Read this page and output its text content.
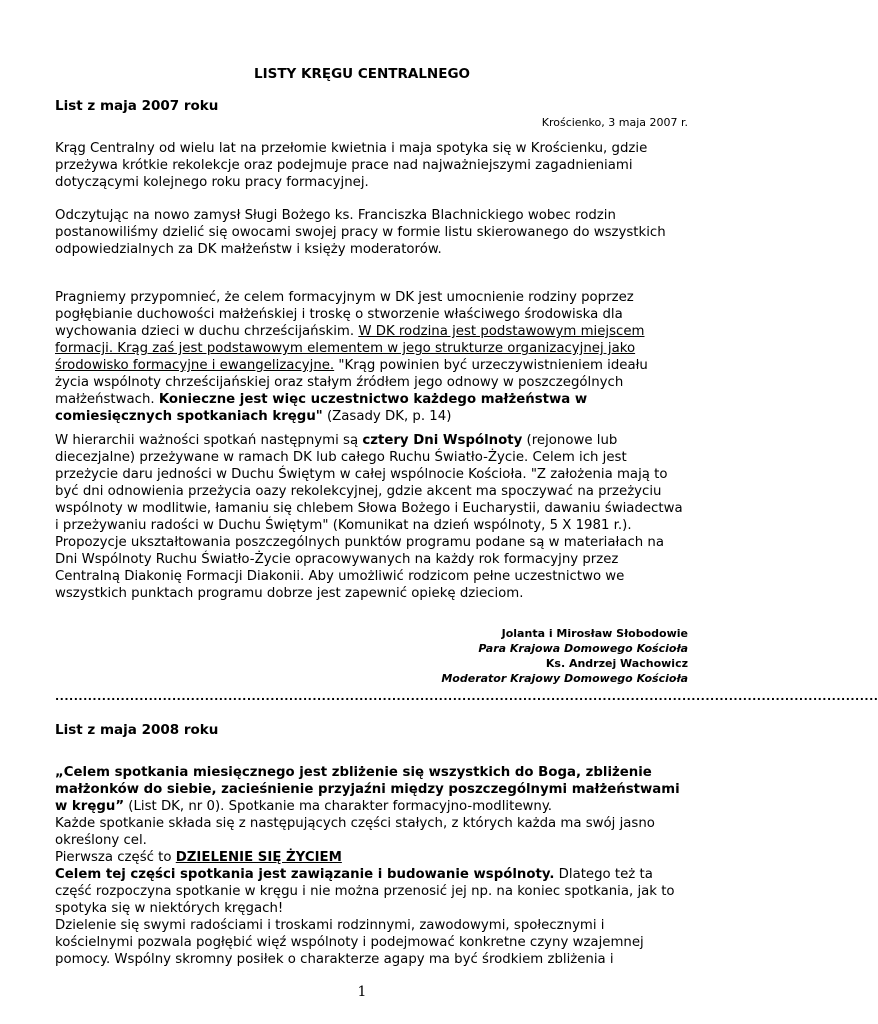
LISTY KRĘGU CENTRALNEGO
List z maja 2007 roku
Krościenko, 3 maja 2007 r.
Krąg Centralny od wielu lat na przełomie kwietnia i maja spotyka się w Krościenku, gdzie
przeżywa krótkie rekolekcje oraz podejmuje prace nad najważniejszymi zagadnieniami
dotyczącymi kolejnego roku pracy formacyjnej.
Odczytując na nowo zamysł Sługi Bożego ks. Franciszka Blachnickiego wobec rodzin
postanowiliśmy dzielić się owocami swojej pracy w formie listu skierowanego do wszystkich
odpowiedzialnych za DK małżeństw i księży moderatorów.
Pragniemy przypomnieć, że celem formacyjnym w DK jest umocnienie rodziny poprzez
pogłębianie duchowości małżeńskiej i troskę o stworzenie właściwego środowiska dla
wychowania dzieci w duchu chrześcijańskim. W DK rodzina jest podstawowym miejscem
formacji. Krąg zaś jest podstawowym elementem w jego strukturze organizacyjnej jako
środowisko formacyjne i ewangelizacyjne. "Krąg powinien być urzeczywistnieniem ideału
życia wspólnoty chrześcijańskiej oraz stałym źródłem jego odnowy w poszczególnych
małżeństwach. Konieczne jest więc uczestnictwo każdego małżeństwa w
comiesięcznych spotkaniach kręgu" (Zasady DK, p. 14)
W hierarchii ważności spotkań następnymi są cztery Dni Wspólnoty (rejonowe lub
diecezjalne) przeżywane w ramach DK lub całego Ruchu Światło-Życie. Celem ich jest
przeżycie daru jedności w Duchu Świętym w całej wspólnocie Kościoła. "Z założenia mają to
być dni odnowienia przeżycia oazy rekolekcyjnej, gdzie akcent ma spoczywać na przeżyciu
wspólnoty w modlitwie, łamaniu się chlebem Słowa Bożego i Eucharystii, dawaniu świadectwa
i przeżywaniu radości w Duchu Świętym" (Komunikat na dzień wspólnoty, 5 X 1981 r.).
Propozycje ukształtowania poszczególnych punktów programu podane są w materiałach na
Dni Wspólnoty Ruchu Światło-Życie opracowywanych na każdy rok formacyjny przez
Centralną Diakonię Formacji Diakonii. Aby umożliwić rodzicom pełne uczestnictwo we
wszystkich punktach programu dobrze jest zapewnić opiekę dzieciom.
Jolanta i Mirosław Słobodowie
Para Krajowa Domowego Kościoła
Ks. Andrzej Wachowicz
Moderator Krajowy Domowego Kościoła
................................................................................................................................................................................
List z maja 2008 roku
„Celem spotkania miesięcznego jest zbliżenie się wszystkich do Boga, zbliżenie
małżonków do siebie, zacieśnienie przyjaźni między poszczególnymi małżeństwami
w kręgu” (List DK, nr 0). Spotkanie ma charakter formacyjno-modlitewny.
Każde spotkanie składa się z następujących części stałych, z których każda ma swój jasno
określony cel.
Pierwsza część to DZIELENIE SIĘ ŻYCIEM
Celem tej części spotkania jest zawiązanie i budowanie wspólnoty. Dlatego też ta
część rozpoczyna spotkanie w kręgu i nie można przenosić jej np. na koniec spotkania, jak to
spotyka się w niektórych kręgach!
Dzielenie się swymi radościami i troskami rodzinnymi, zawodowymi, społecznymi i
kościelnymi pozwala pogłębić więź wspólnoty i podejmować konkretne czyny wzajemnej
pomocy. Wspólny skromny posiłek o charakterze agapy ma być środkiem zbliżenia i
1
